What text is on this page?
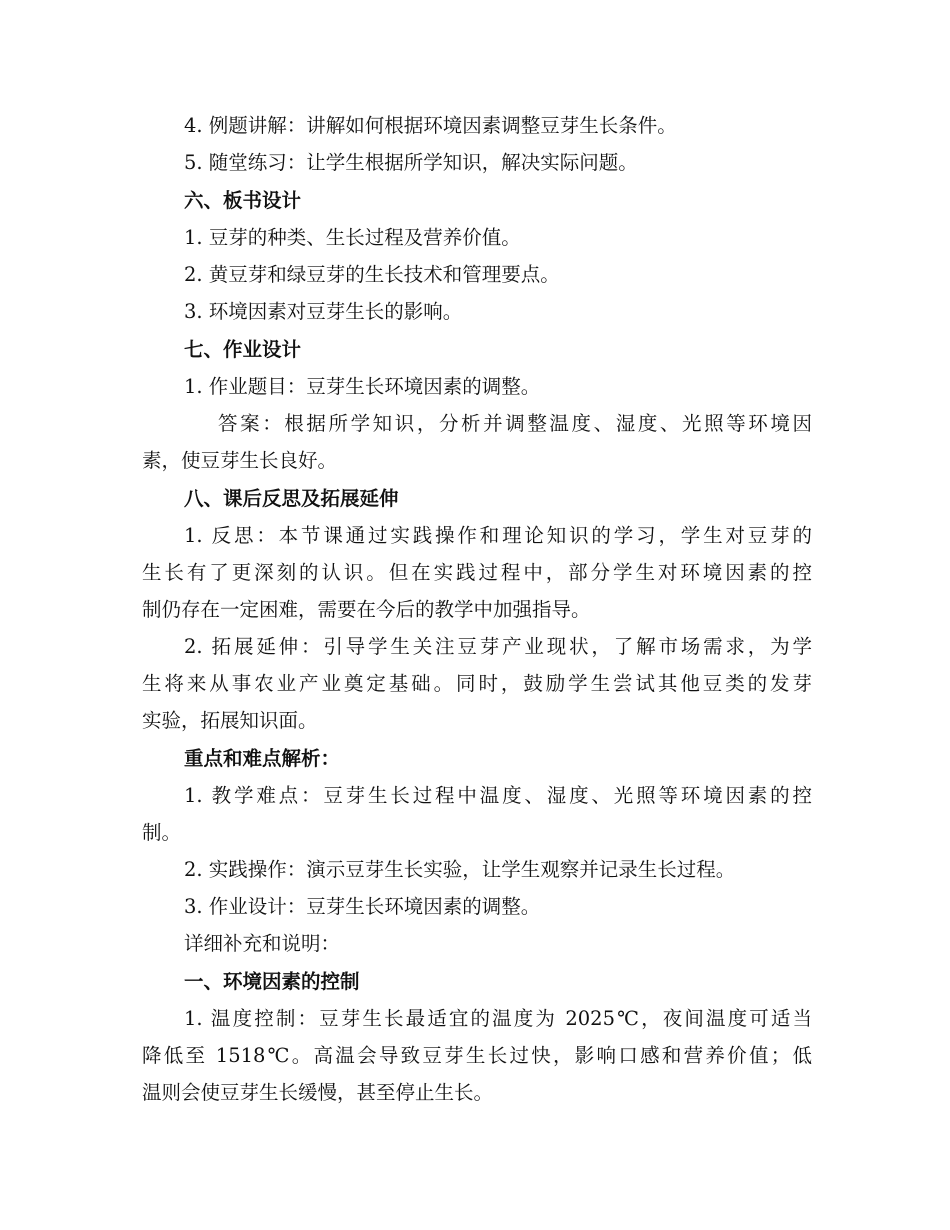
4. 例题讲解：讲解如何根据环境因素调整豆芽生长条件。
5. 随堂练习：让学生根据所学知识，解决实际问题。
六、板书设计
1. 豆芽的种类、生长过程及营养价值。
2. 黄豆芽和绿豆芽的生长技术和管理要点。
3. 环境因素对豆芽生长的影响。
七、作业设计
1. 作业题目：豆芽生长环境因素的调整。
答案：根据所学知识，分析并调整温度、湿度、光照等环境因
素，使豆芽生长良好。
八、课后反思及拓展延伸
1. 反思：本节课通过实践操作和理论知识的学习，学生对豆芽的
生长有了更深刻的认识。但在实践过程中，部分学生对环境因素的控
制仍存在一定困难，需要在今后的教学中加强指导。
2. 拓展延伸：引导学生关注豆芽产业现状，了解市场需求，为学
生将来从事农业产业奠定基础。同时，鼓励学生尝试其他豆类的发芽
实验，拓展知识面。
重点和难点解析：
1. 教学难点：豆芽生长过程中温度、湿度、光照等环境因素的控
制。
2. 实践操作：演示豆芽生长实验，让学生观察并记录生长过程。
3. 作业设计：豆芽生长环境因素的调整。
详细补充和说明：
一、环境因素的控制
1. 温度控制：豆芽生长最适宜的温度为 2025℃，夜间温度可适当
降低至 1518℃。高温会导致豆芽生长过快，影响口感和营养价值；低
温则会使豆芽生长缓慢，甚至停止生长。
